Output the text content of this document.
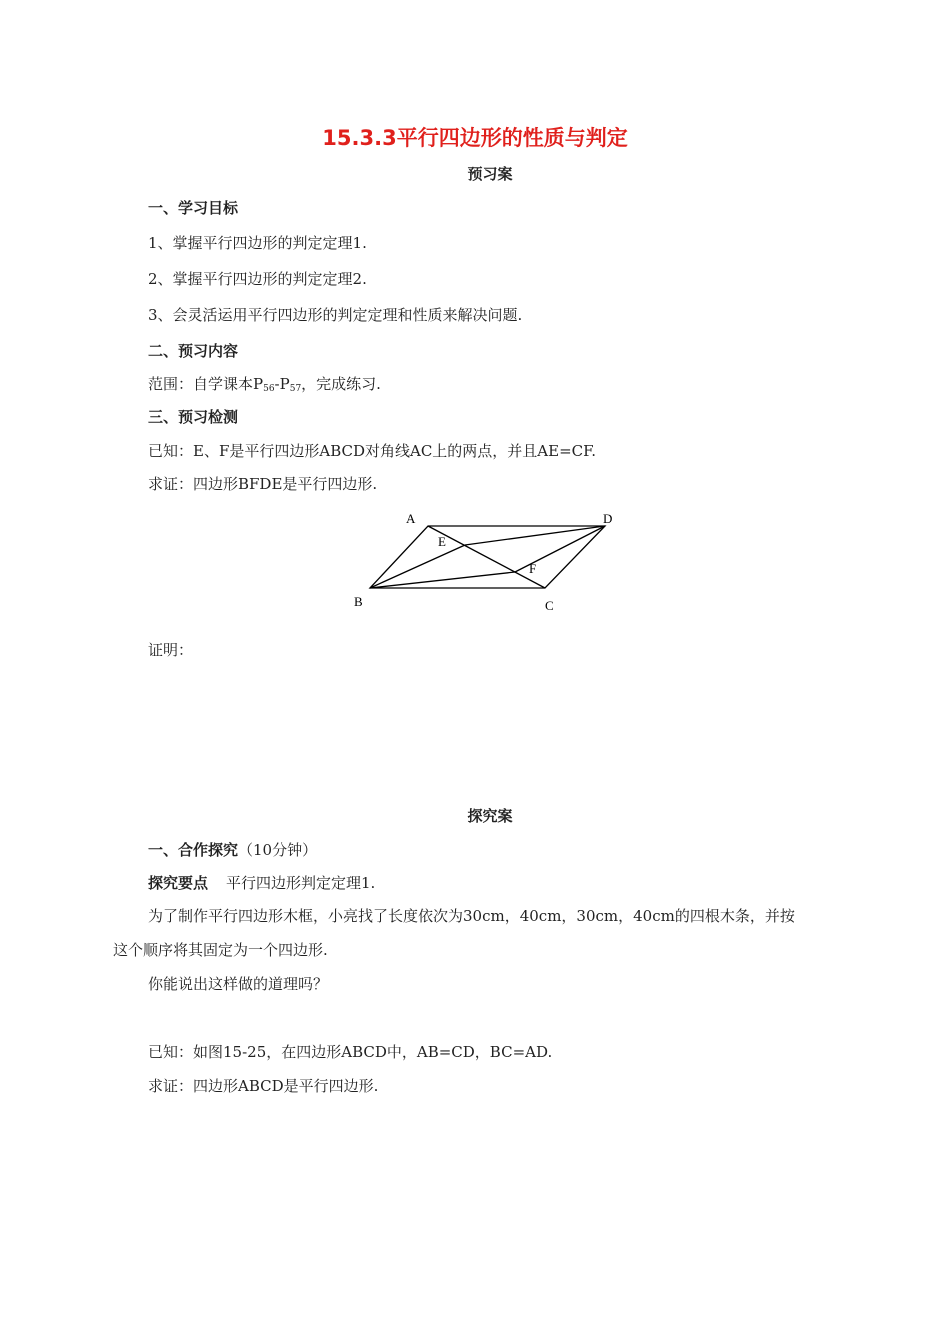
15.3.3平行四边形的性质与判定
预习案
一、学习目标
1、掌握平行四边形的判定定理1.
2、掌握平行四边形的判定定理2.
3、会灵活运用平行四边形的判定定理和性质来解决问题.
二、预习内容
范围：自学课本$P_{56}-P_{57}$，完成练习.
三、预习检测
已知：E、F是平行四边形ABCD对角线AC上的两点，并且AE=CF.
求证：四边形BFDE是平行四边形.
A	D
E
F
B	C
证明：
探究案
一、合作探究（10分钟）
探究要点 平行四边形判定定理1.
为了制作平行四边形木框，小亮找了长度依次为30cm，40cm，30cm，40cm的四根木条，并按
这个顺序将其固定为一个四边形.
你能说出这样做的道理吗？
已知：如图15-25，在四边形ABCD中，AB=CD，BC=AD.
求证：四边形ABCD是平行四边形.
